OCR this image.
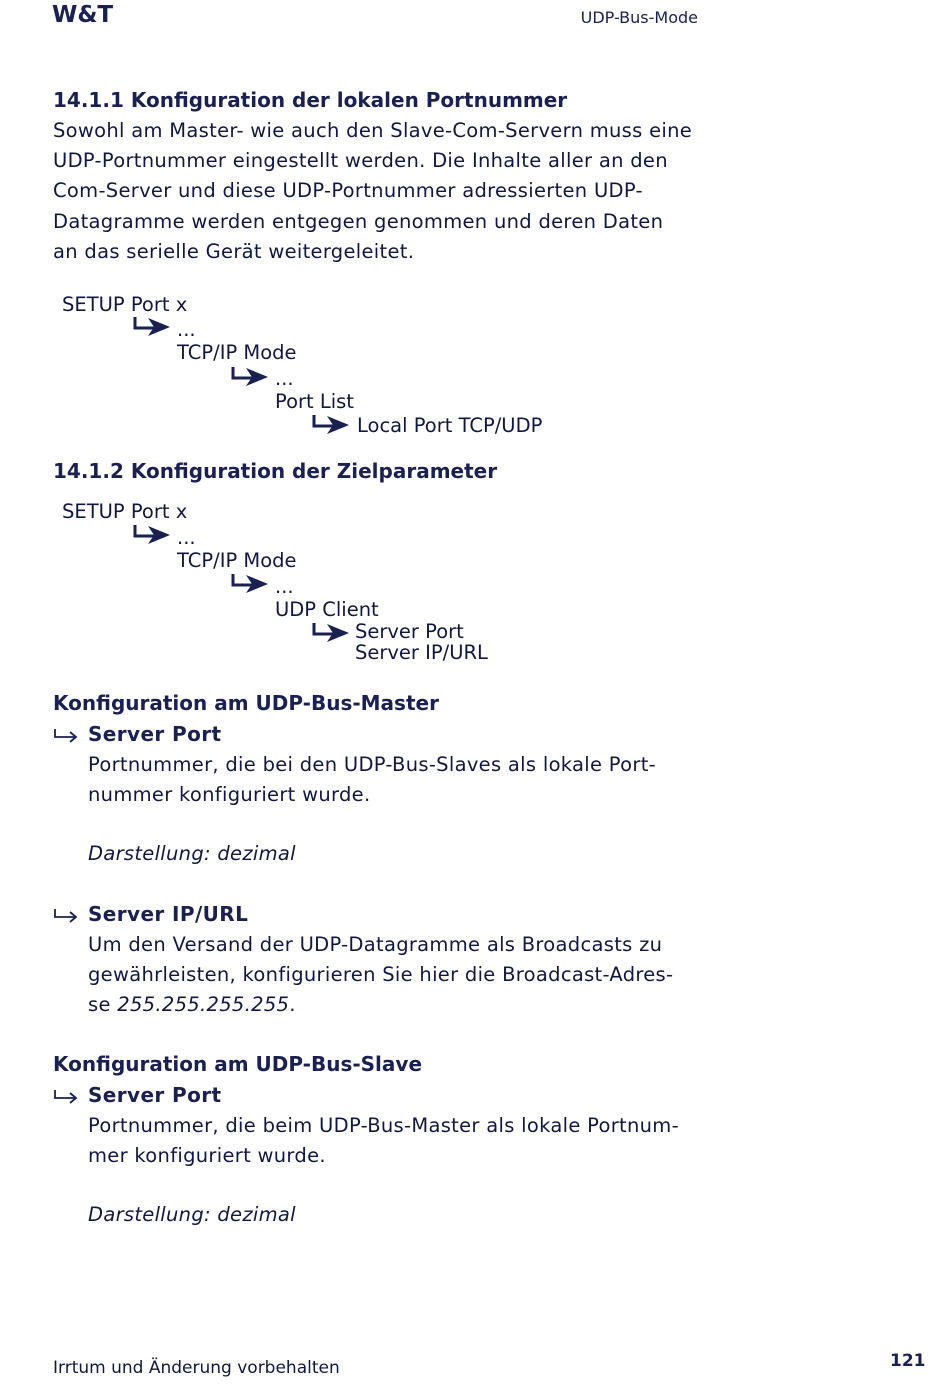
W&T	UDP-Bus-Mode
14.1.1 Konfiguration der lokalen Portnummer
Sowohl am Master- wie auch den Slave-Com-Servern muss eine
UDP-Portnummer eingestellt werden. Die Inhalte aller an den
Com-Server und diese UDP-Portnummer adressierten UDP-
Datagramme werden entgegen genommen und deren Daten
an das serielle Gerät weitergeleitet.
SETUP Port x
...
TCP/IP Mode
...
Port List
Local Port TCP/UDP
14.1.2 Konfiguration der Zielparameter
SETUP Port x
...
TCP/IP Mode
...
UDP Client
Server Port
Server IP/URL
Konfiguration am UDP-Bus-Master
Server Port
Portnummer, die bei den UDP-Bus-Slaves als lokale Port-
nummer konfiguriert wurde.
Darstellung: dezimal
Server IP/URL
Um den Versand der UDP-Datagramme als Broadcasts zu
gewährleisten, konfigurieren Sie hier die Broadcast-Adres-
se 255.255.255.255.
Konfiguration am UDP-Bus-Slave
Server Port
Portnummer, die beim UDP-Bus-Master als lokale Portnum-
mer konfiguriert wurde.
Darstellung: dezimal
Irrtum und Änderung vorbehalten	121
